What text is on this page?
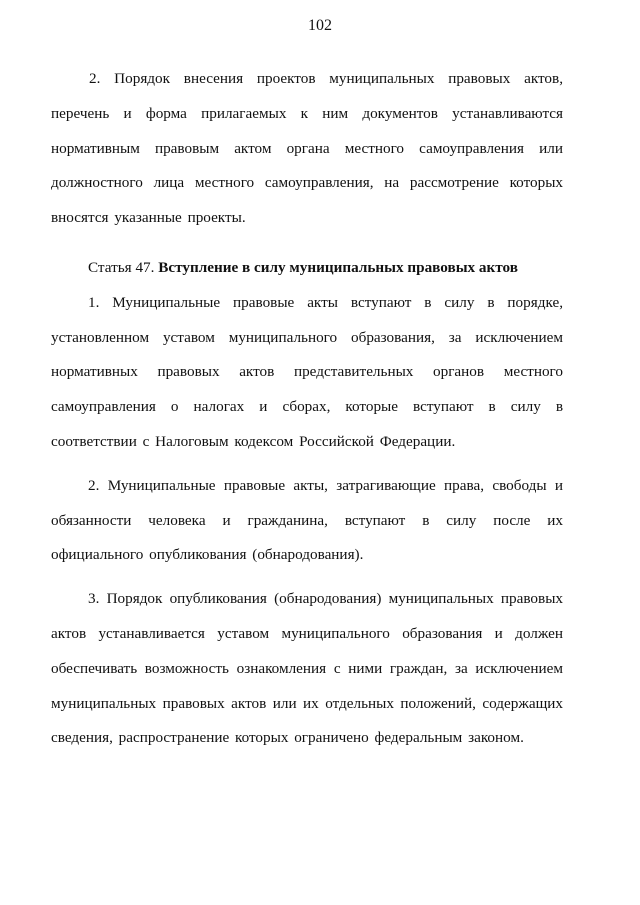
102

2. Порядок внесения проектов муниципальных правовых актов, перечень и форма прилагаемых к ним документов устанавливаются нормативным правовым актом органа местного самоуправления или должностного лица местного самоуправления, на рассмотрение которых вносятся указанные проекты.

Статья 47. Вступление в силу муниципальных правовых актов

1. Муниципальные правовые акты вступают в силу в порядке, установленном уставом муниципального образования, за исключением нормативных правовых актов представительных органов местного самоуправления о налогах и сборах, которые вступают в силу в соответствии с Налоговым кодексом Российской Федерации.

2. Муниципальные правовые акты, затрагивающие права, свободы и обязанности человека и гражданина, вступают в силу после их официального опубликования (обнародования).

3. Порядок опубликования (обнародования) муниципальных правовых актов устанавливается уставом муниципального образования и должен обеспечивать возможность ознакомления с ними граждан, за исключением муниципальных правовых актов или их отдельных положений, содержащих сведения, распространение которых ограничено федеральным законом.
